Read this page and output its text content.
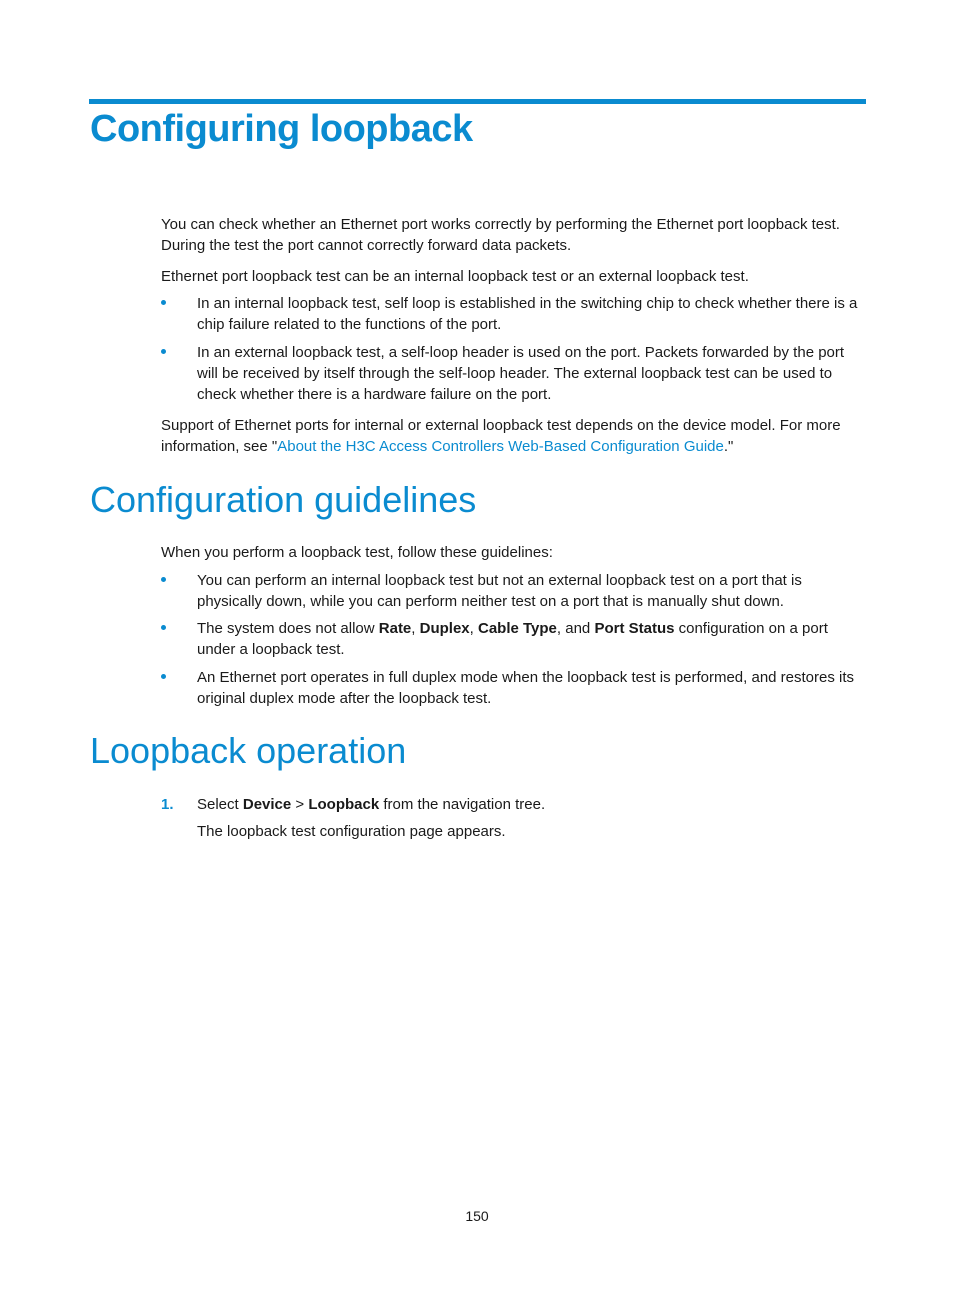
Configuring loopback

You can check whether an Ethernet port works correctly by performing the Ethernet port loopback test. During the test the port cannot correctly forward data packets.

Ethernet port loopback test can be an internal loopback test or an external loopback test.

In an internal loopback test, self loop is established in the switching chip to check whether there is a chip failure related to the functions of the port.

In an external loopback test, a self-loop header is used on the port. Packets forwarded by the port will be received by itself through the self-loop header. The external loopback test can be used to check whether there is a hardware failure on the port.

Support of Ethernet ports for internal or external loopback test depends on the device model. For more information, see "About the H3C Access Controllers Web-Based Configuration Guide."

Configuration guidelines

When you perform a loopback test, follow these guidelines:

You can perform an internal loopback test but not an external loopback test on a port that is physically down, while you can perform neither test on a port that is manually shut down.

The system does not allow Rate, Duplex, Cable Type, and Port Status configuration on a port under a loopback test.

An Ethernet port operates in full duplex mode when the loopback test is performed, and restores its original duplex mode after the loopback test.

Loopback operation
1. Select Device > Loopback from the navigation tree.

The loopback test configuration page appears.

150
